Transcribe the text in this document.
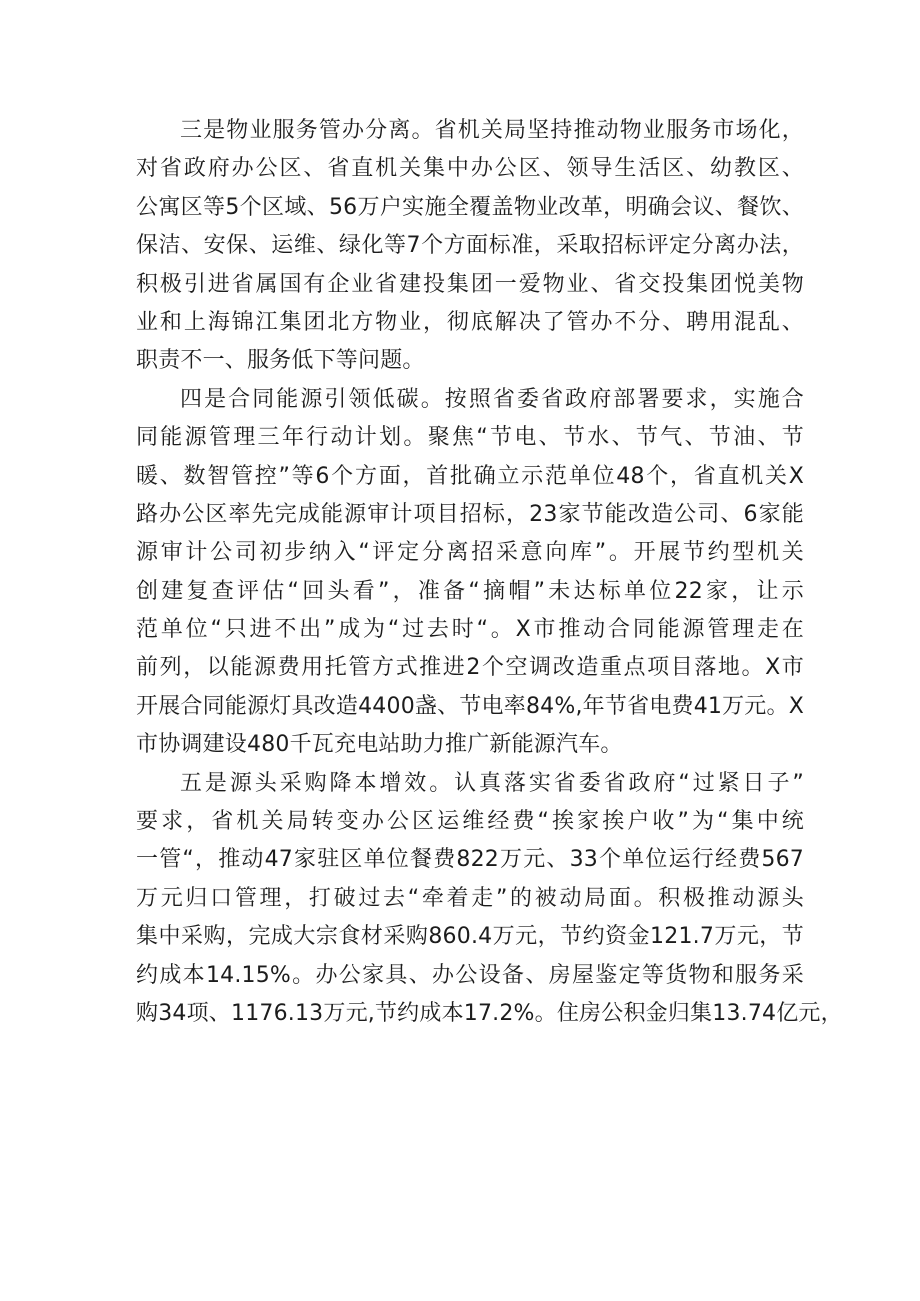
三是物业服务管办分离。省机关局坚持推动物业服务市场化，
对省政府办公区、省直机关集中办公区、领导生活区、幼教区、
公寓区等5个区域、56万户实施全覆盖物业改革，明确会议、餐饮、
保洁、安保、运维、绿化等7个方面标准，采取招标评定分离办法，
积极引进省属国有企业省建投集团一爱物业、省交投集团悦美物
业和上海锦江集团北方物业，彻底解决了管办不分、聘用混乱、
职责不一、服务低下等问题。
四是合同能源引领低碳。按照省委省政府部署要求，实施合
同能源管理三年行动计划。聚焦“节电、节水、节气、节油、节
暖、数智管控”等6个方面，首批确立示范单位48个，省直机关X
路办公区率先完成能源审计项目招标，23家节能改造公司、6家能
源审计公司初步纳入“评定分离招采意向库”。开展节约型机关
创建复查评估“回头看”，准备“摘帽”未达标单位22家，让示
范单位“只进不出”成为“过去时“。X市推动合同能源管理走在
前列，以能源费用托管方式推进2个空调改造重点项目落地。X市
开展合同能源灯具改造4400盏、节电率84%,年节省电费41万元。X
市协调建设480千瓦充电站助力推广新能源汽车。
五是源头采购降本增效。认真落实省委省政府“过紧日子”
要求，省机关局转变办公区运维经费“挨家挨户收”为“集中统
一管“，推动47家驻区单位餐费822万元、33个单位运行经费567
万元归口管理，打破过去“牵着走”的被动局面。积极推动源头
集中采购，完成大宗食材采购860.4万元，节约资金121.7万元，节
约成本14.15%。办公家具、办公设备、房屋鉴定等货物和服务采
购34项、1176.13万元,节约成本17.2%。住房公积金归集13.74亿元，
